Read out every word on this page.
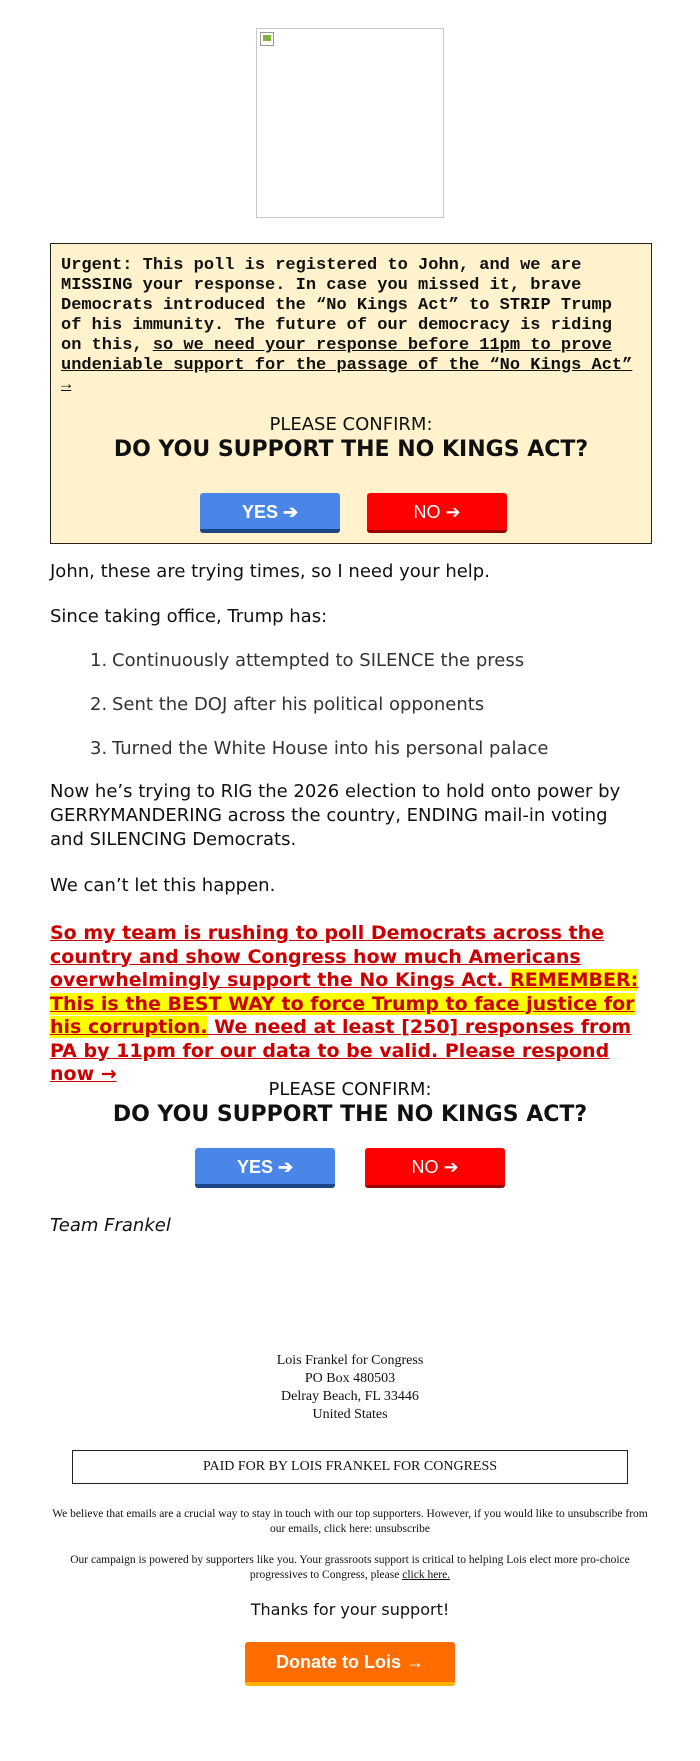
Urgent: This poll is registered to John, and we are MISSING your response. In case you missed it, brave Democrats introduced the “No Kings Act” to STRIP Trump of his immunity. The future of our democracy is riding on this, so we need your response before 11pm to prove undeniable support for the passage of the “No Kings Act” →
PLEASE CONFIRM:
DO YOU SUPPORT THE NO KINGS ACT?
YES ➔	NO ➔
John, these are trying times, so I need your help.
Since taking office, Trump has:
1. Continuously attempted to SILENCE the press
2. Sent the DOJ after his political opponents
3. Turned the White House into his personal palace
Now he’s trying to RIG the 2026 election to hold onto power by GERRYMANDERING across the country, ENDING mail-in voting and SILENCING Democrats.
We can’t let this happen.
So my team is rushing to poll Democrats across the country and show Congress how much Americans overwhelmingly support the No Kings Act. REMEMBER: This is the BEST WAY to force Trump to face justice for his corruption. We need at least [250] responses from PA by 11pm for our data to be valid. Please respond now →
PLEASE CONFIRM:
DO YOU SUPPORT THE NO KINGS ACT?
YES ➔	NO ➔
Team Frankel
Lois Frankel for Congress
PO Box 480503
Delray Beach, FL 33446
United States
PAID FOR BY LOIS FRANKEL FOR CONGRESS
We believe that emails are a crucial way to stay in touch with our top supporters. However, if you would like to unsubscribe from our emails, click here: unsubscribe
Our campaign is powered by supporters like you. Your grassroots support is critical to helping Lois elect more pro-choice progressives to Congress, please click here.
Thanks for your support!
Donate to Lois →
